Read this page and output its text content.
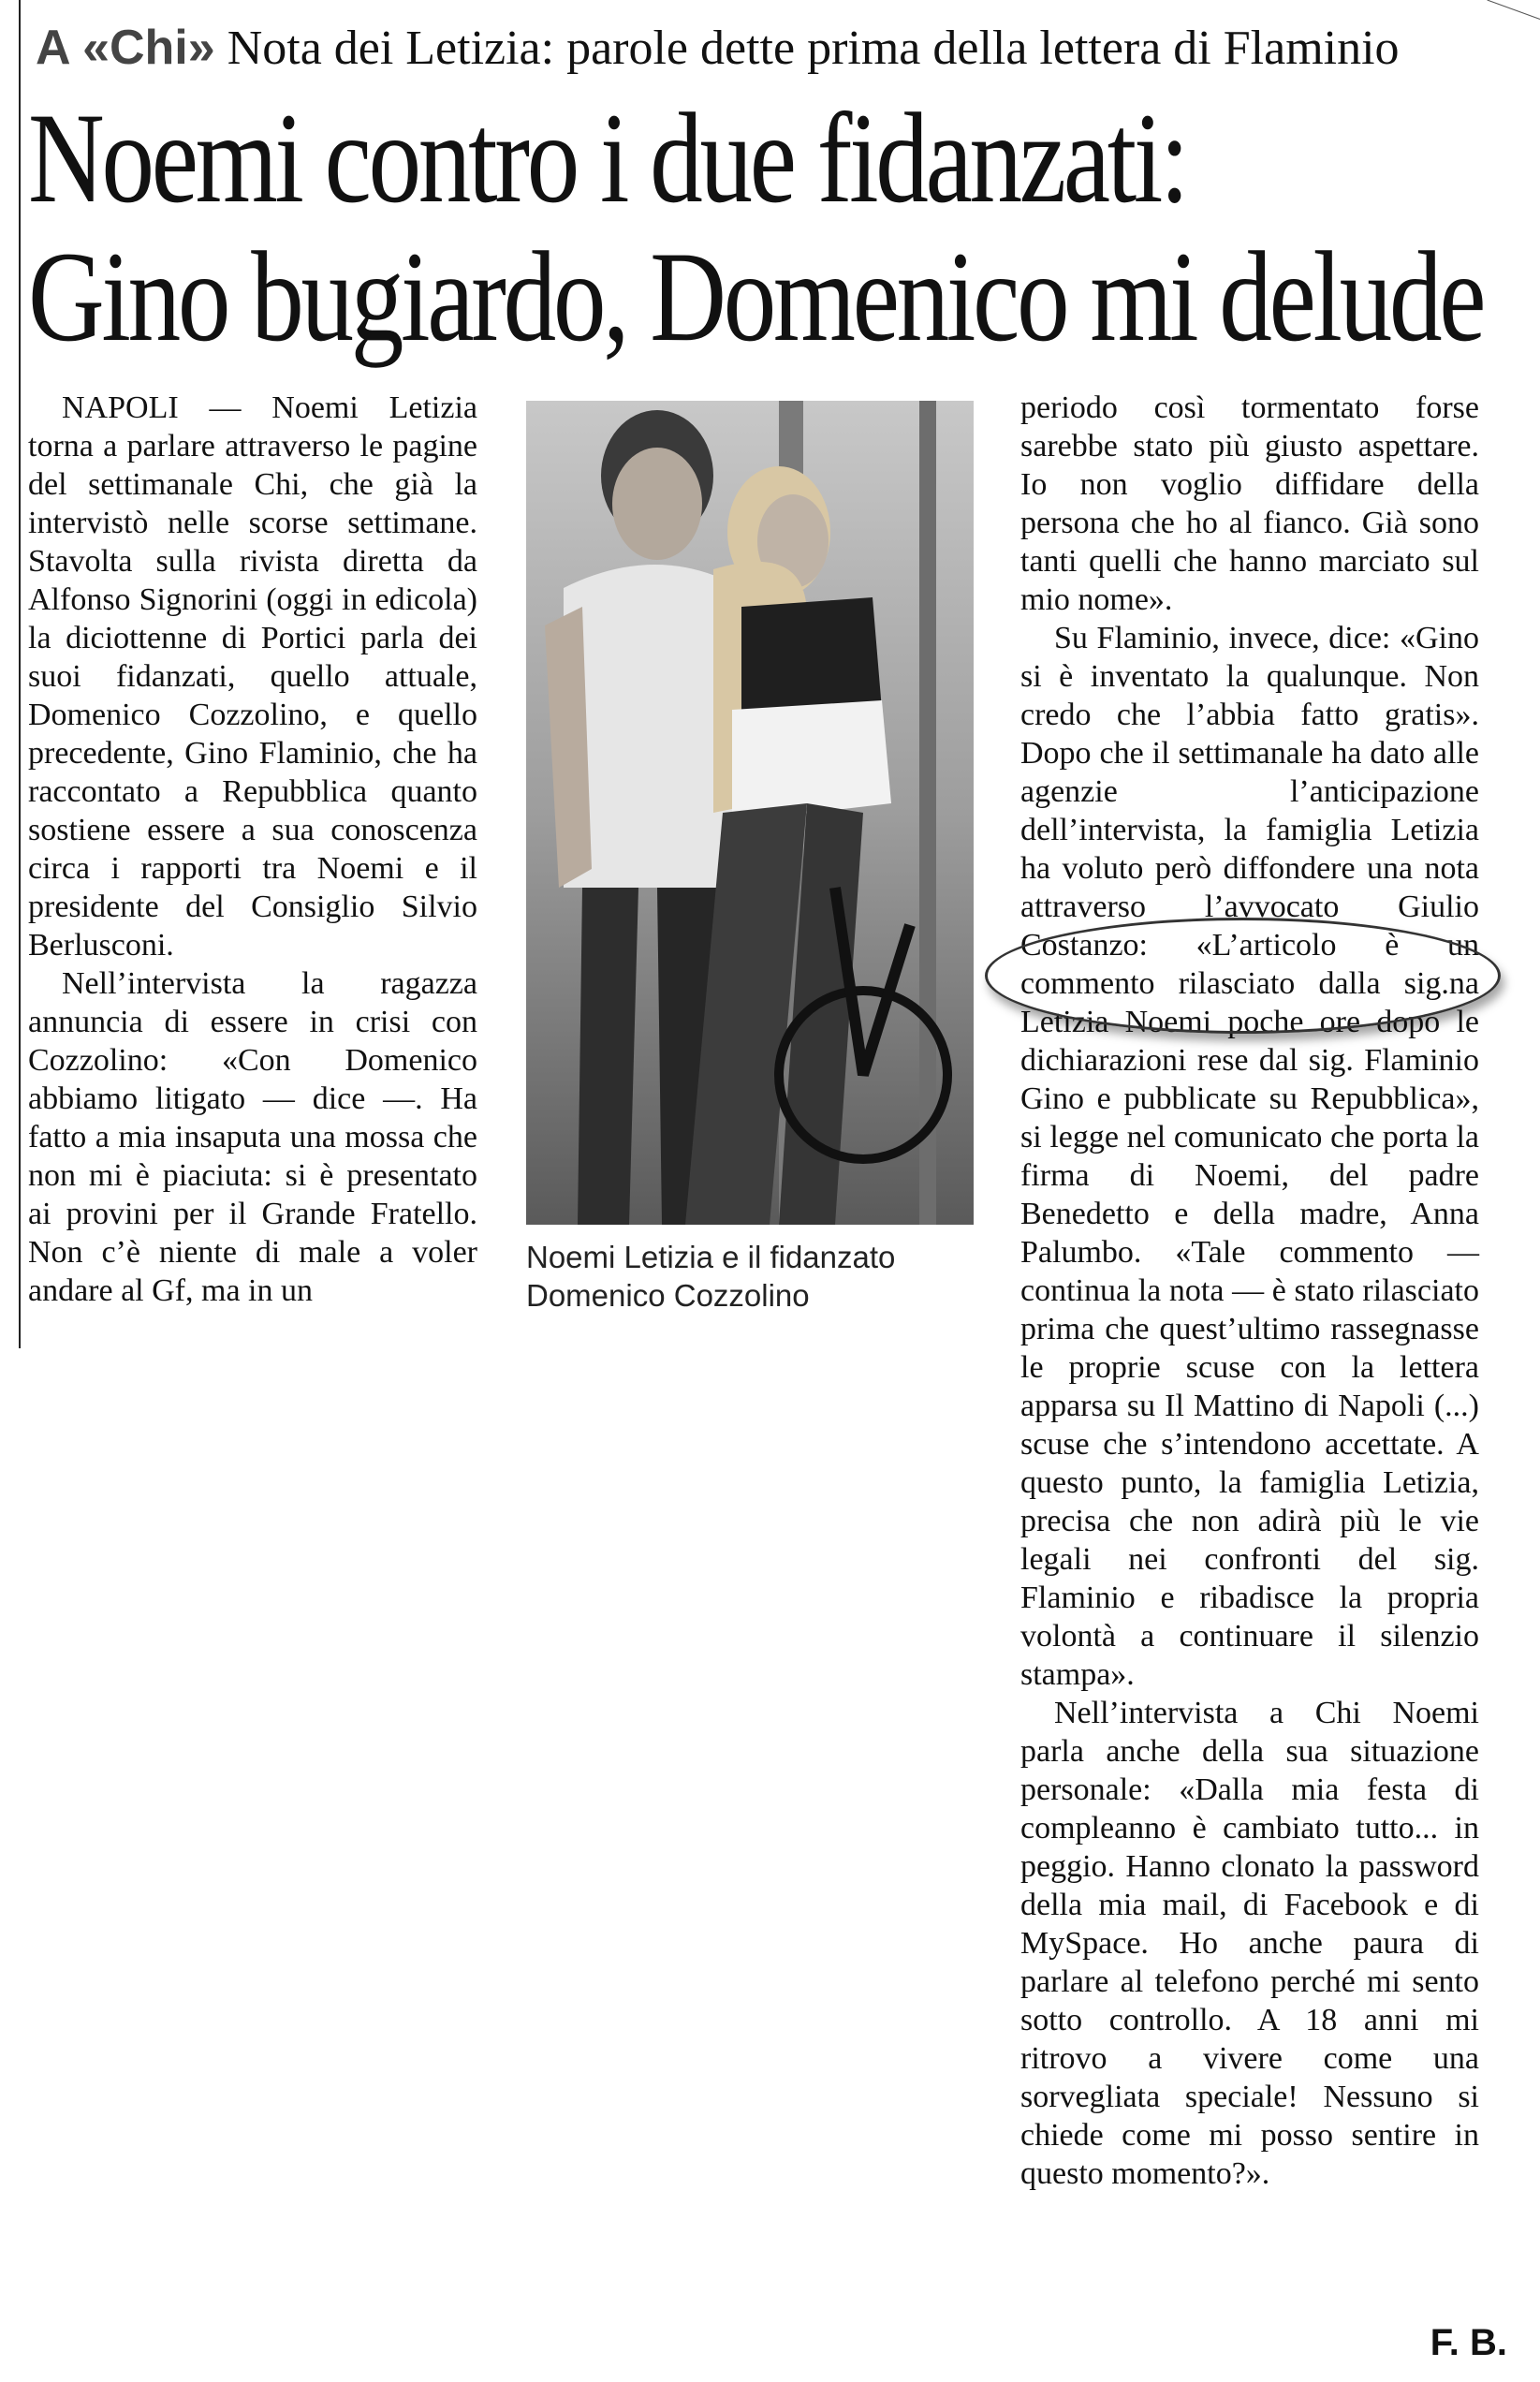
A «Chi» Nota dei Letizia: parole dette prima della lettera di Flaminio
Noemi contro i due fidanzati:
Gino bugiardo, Domenico mi delude

NAPOLI — Noemi Letizia torna a parlare attraverso le pagine del settimanale Chi, che già la intervistò nelle scorse settimane. Stavolta sulla rivista diretta da Alfonso Signorini (oggi in edicola) la diciottenne di Portici parla dei suoi fidanzati, quello attuale, Domenico Cozzolino, e quello precedente, Gino Flaminio, che ha raccontato a Repubblica quanto sostiene essere a sua conoscenza circa i rapporti tra Noemi e il presidente del Consiglio Silvio Berlusconi.

Nell’intervista la ragazza annuncia di essere in crisi con Cozzolino: «Con Domenico abbiamo litigato — dice —. Ha fatto a mia insaputa una mossa che non mi è piaciuta: si è presentato ai provini per il Grande Fratello. Non c’è niente di male a voler andare al Gf, ma in un

Noemi Letizia e il fidanzato Domenico Cozzolino

periodo così tormentato forse sarebbe stato più giusto aspettare. Io non voglio diffidare della persona che ho al fianco. Già sono tanti quelli che hanno marciato sul mio nome».

Su Flaminio, invece, dice: «Gino si è inventato la qualunque. Non credo che l’abbia fatto gratis». Dopo che il settimanale ha dato alle agenzie l’anticipazione dell’intervista, la famiglia Letizia ha voluto però diffondere una nota attraverso l’avvocato Giulio Costanzo: «L’articolo è un commento rilasciato dalla sig.na Letizia Noemi poche ore dopo le dichiarazioni rese dal sig. Flaminio Gino e pubblicate su Repubblica», si legge nel comunicato che porta la firma di Noemi, del padre Benedetto e della madre, Anna Palumbo. «Tale commento — continua la nota — è stato rilasciato prima che quest’ultimo rassegnasse le proprie scuse con la lettera apparsa su Il Mattino di Napoli (...) scuse che s’intendono accettate. A questo punto, la famiglia Letizia, precisa che non adirà più le vie legali nei confronti del sig. Flaminio e ribadisce la propria volontà a continuare il silenzio stampa».

Nell’intervista a Chi Noemi parla anche della sua situazione personale: «Dalla mia festa di compleanno è cambiato tutto... in peggio. Hanno clonato la password della mia mail, di Facebook e di MySpace. Ho anche paura di parlare al telefono perché mi sento sotto controllo. A 18 anni mi ritrovo a vivere come una sorvegliata speciale! Nessuno si chiede come mi posso sentire in questo momento?».

F. B.
